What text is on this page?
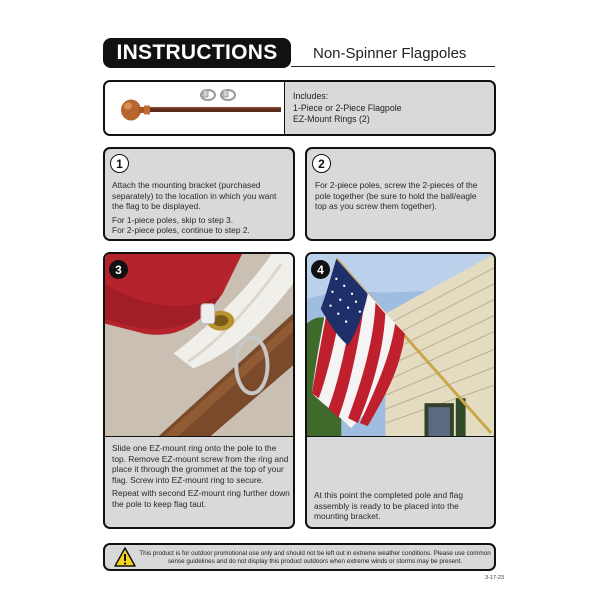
INSTRUCTIONS	Non-Spinner Flagpoles
Includes:
1-Piece or 2-Piece Flagpole
EZ-Mount Rings (2)
1

Attach the mounting bracket (purchased separately) to the location in which you want the flag to be displayed.

For 1-piece poles, skip to step 3.
For 2-piece poles, continue to step 2.

2

For 2-piece poles, screw the 2-pieces of the pole together (be sure to hold the ball/eagle top as you screw them together).

3

Slide one EZ-mount ring onto the pole to the top. Remove EZ-mount screw from the ring and place it through the grommet at the top of your flag. Screw into EZ-mount ring to secure.

Repeat with second EZ-mount ring further down the pole to keep flag taut.

4

At this point the completed pole and flag assembly is ready to be placed into the mounting bracket.

This product is for outdoor promotional use only and should not be left out in extreme weather conditions. Please use common sense guidelines and do not display this product outdoors when extreme winds or storms may be present.
3-17-23
